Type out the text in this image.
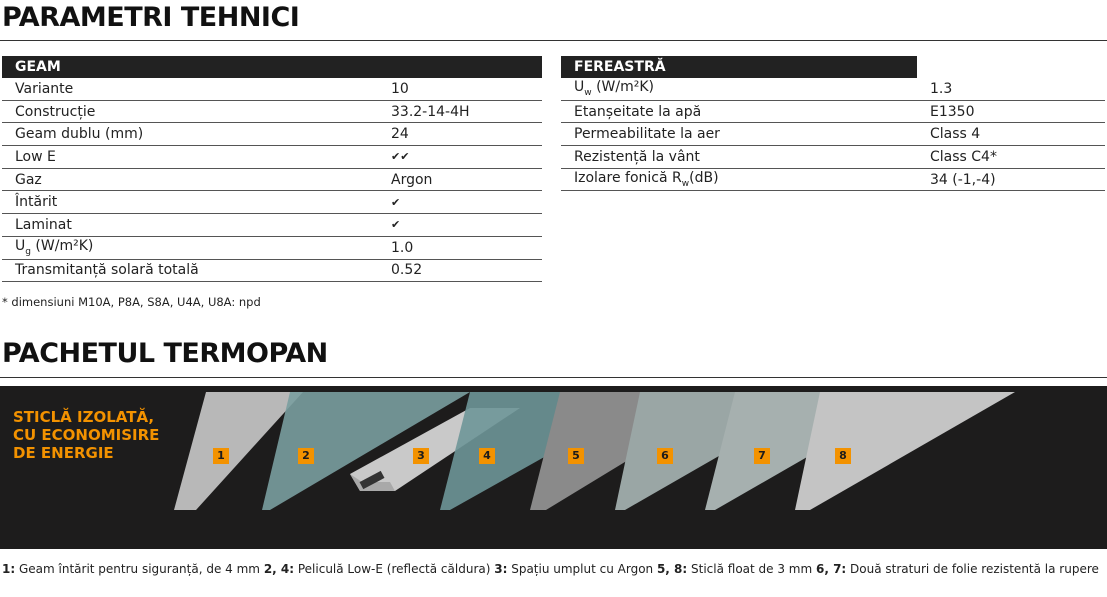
PARAMETRI TEHNICI
GEAM
Variante	10
Construcție	33.2-14-4H
Geam dublu (mm)	24
Low E	✔✔
Gaz	Argon
Întărit	✔
Laminat	✔
$U_g$ (W/m²K)	1.0
Transmitanță solară totală	0.52
FEREASTRĂ
$U_w$ (W/m²K)	1.3
Etanșeitate la apă	E1350
Permeabilitate la aer	Class 4
Rezistență la vânt	Class C4*
Izolare fonică $R_w(dB)$	34 (-1,-4)
* dimensiuni M10A, P8A, S8A, U4A, U8A: npd
PACHETUL TERMOPAN
STICLĂ IZOLATĂ,
CU ECONOMISIRE
DE ENERGIE	1	2	3	4	5	6	7	8
1: Geam întărit pentru siguranță, de 4 mm 2, 4: Peliculă Low-E (reflectă căldura) 3: Spațiu umplut cu Argon 5, 8: Sticlă float de 3 mm 6, 7: Două straturi de folie rezistentă la rupere
